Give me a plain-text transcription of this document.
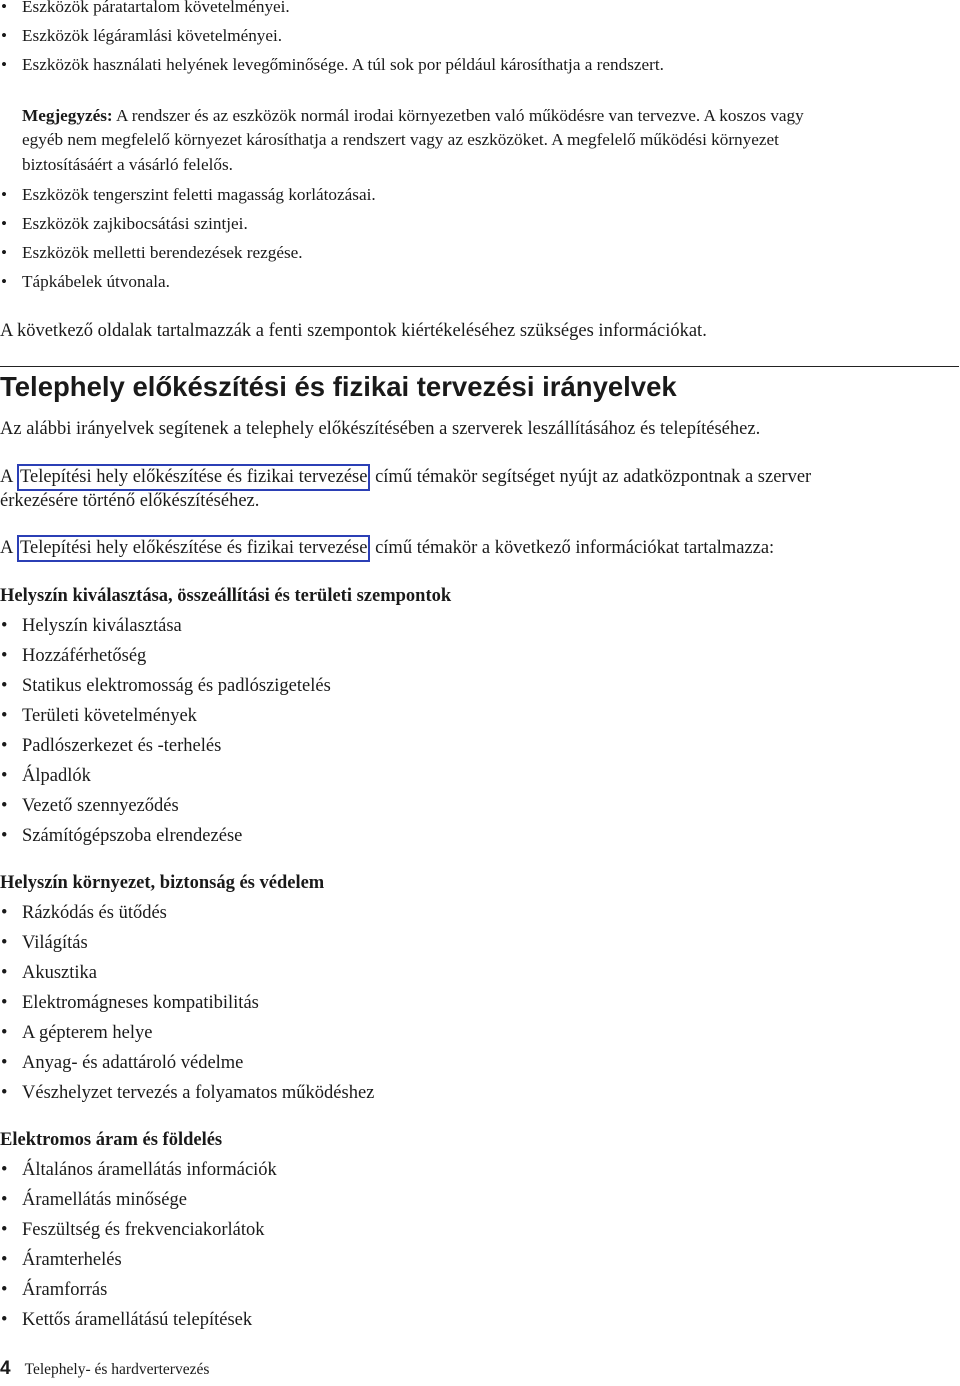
• Eszközök páratartalom követelményei.
• Eszközök légáramlási követelményei.
• Eszközök használati helyének levegőminősége. A túl sok por például károsíthatja a rendszert.
Megjegyzés: A rendszer és az eszközök normál irodai környezetben való működésre van tervezve. A koszos vagy
egyéb nem megfelelő környezet károsíthatja a rendszert vagy az eszközöket. A megfelelő működési környezet
biztosításáért a vásárló felelős.
• Eszközök tengerszint feletti magasság korlátozásai.
• Eszközök zajkibocsátási szintjei.
• Eszközök melletti berendezések rezgése.
• Tápkábelek útvonala.
A következő oldalak tartalmazzák a fenti szempontok kiértékeléséhez szükséges információkat.
Telephely előkészítési és fizikai tervezési irányelvek
Az alábbi irányelvek segítenek a telephely előkészítésében a szerverek leszállításához és telepítéséhez.
A Telepítési hely előkészítése és fizikai tervezése című témakör segítséget nyújt az adatközpontnak a szerver
érkezésére történő előkészítéséhez.
A Telepítési hely előkészítése és fizikai tervezése című témakör a következő információkat tartalmazza:
Helyszín kiválasztása, összeállítási és területi szempontok
• Helyszín kiválasztása
• Hozzáférhetőség
• Statikus elektromosság és padlószigetelés
• Területi követelmények
• Padlószerkezet és -terhelés
• Álpadlók
• Vezető szennyeződés
• Számítógépszoba elrendezése
Helyszín környezet, biztonság és védelem
• Rázkódás és ütődés
• Világítás
• Akusztika
• Elektromágneses kompatibilitás
• A gépterem helye
• Anyag- és adattároló védelme
• Vészhelyzet tervezés a folyamatos működéshez
Elektromos áram és földelés
• Általános áramellátás információk
• Áramellátás minősége
• Feszültség és frekvenciakorlátok
• Áramterhelés
• Áramforrás
• Kettős áramellátású telepítések
4 Telephely- és hardvertervezés
